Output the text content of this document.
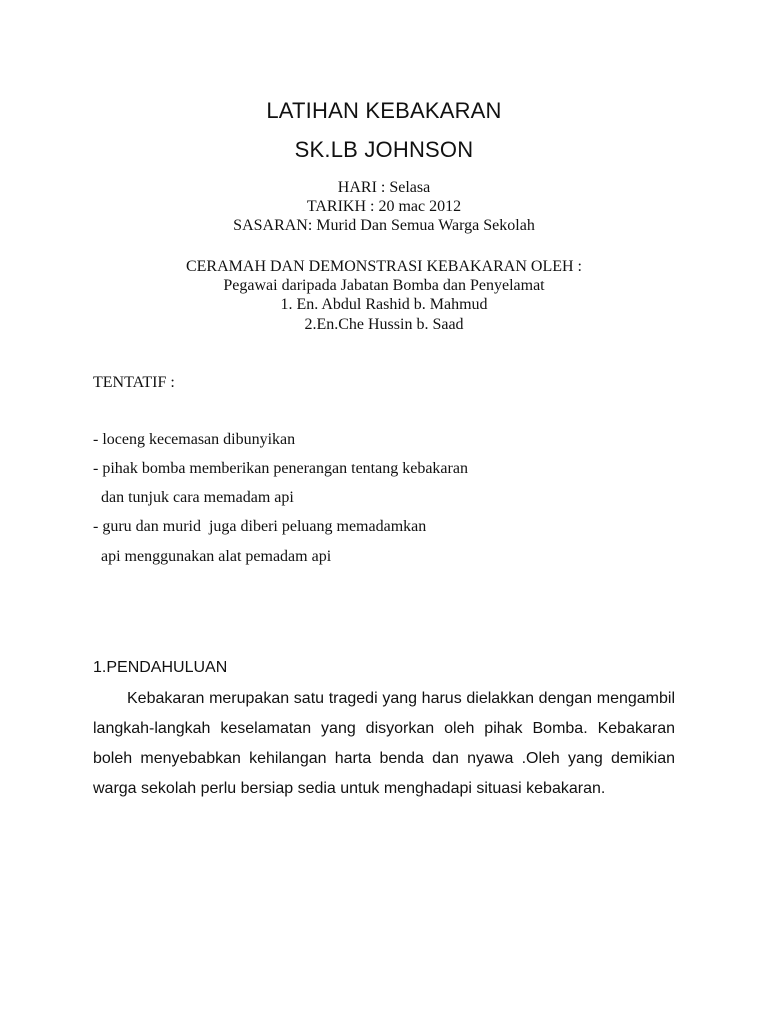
LATIHAN KEBAKARAN
SK.LB JOHNSON
HARI : Selasa
TARIKH : 20 mac 2012
SASARAN: Murid Dan Semua Warga Sekolah
CERAMAH DAN DEMONSTRASI KEBAKARAN OLEH :
Pegawai daripada Jabatan Bomba dan Penyelamat
1. En. Abdul Rashid b. Mahmud
2.En.Che Hussin b. Saad
TENTATIF :
- loceng kecemasan dibunyikan
- pihak bomba memberikan penerangan tentang kebakaran
dan tunjuk cara memadam api
- guru dan murid  juga diberi peluang memadamkan
api menggunakan alat pemadam api
1.PENDAHULUAN

Kebakaran merupakan satu tragedi yang harus dielakkan dengan mengambil langkah-langkah keselamatan yang disyorkan oleh pihak Bomba. Kebakaran boleh menyebabkan kehilangan harta benda dan nyawa .Oleh yang demikian warga sekolah perlu bersiap sedia untuk menghadapi situasi kebakaran.
